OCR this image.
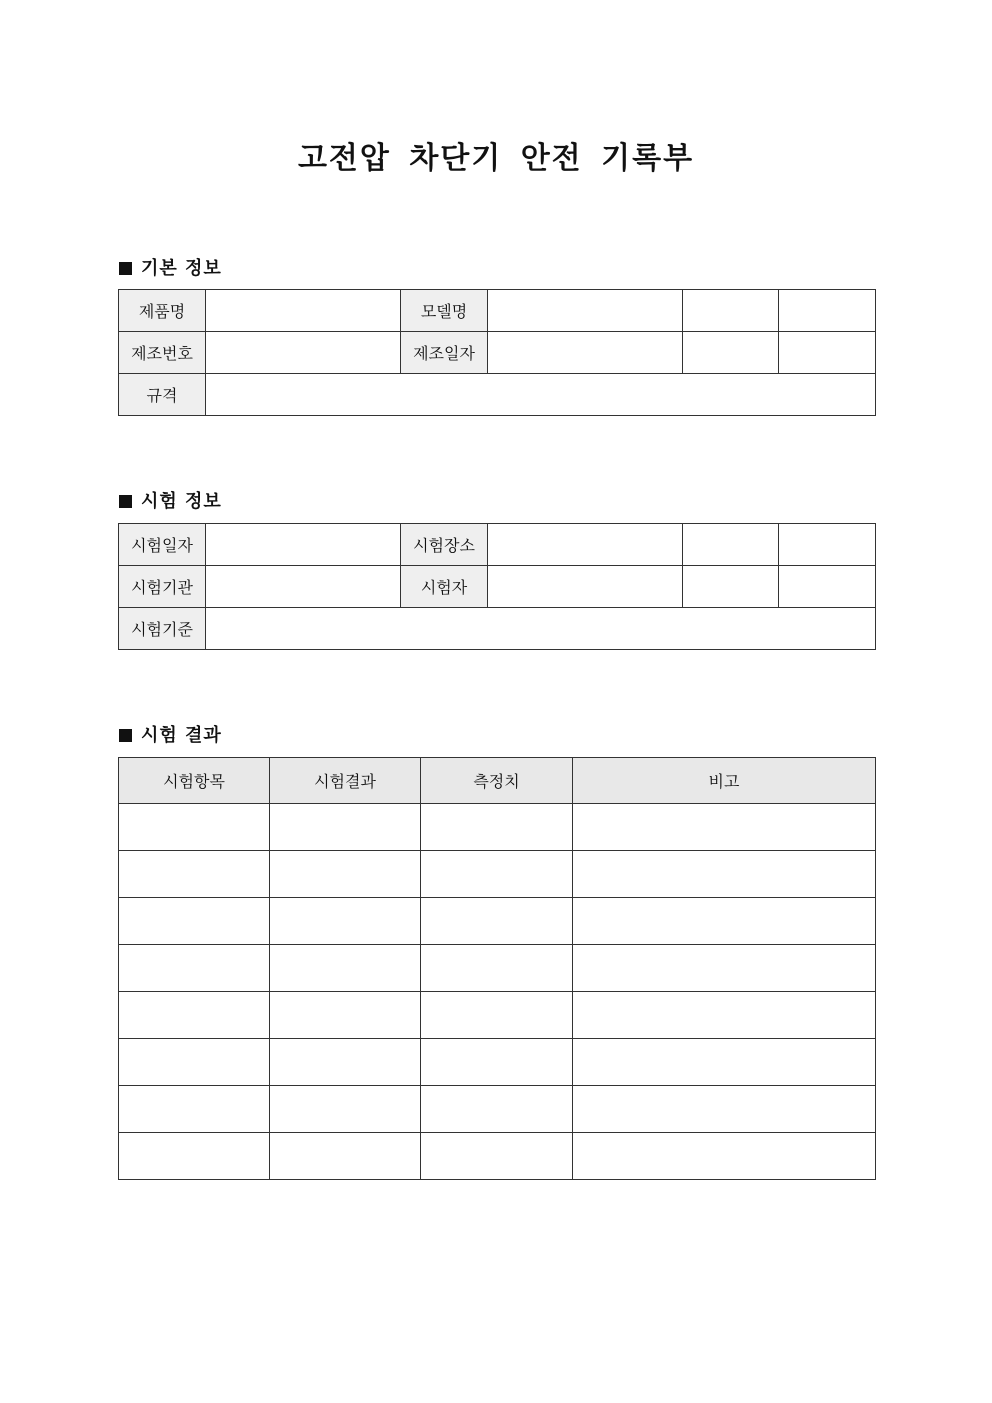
고전압 차단기 안전 기록부
기본 정보
제품명		모델명			
제조번호		제조일자			
규격					
시험 정보
시험일자		시험장소			
시험기관		시험자			
시험기준					
시험 결과
시험항목	시험결과	측정치	비고
